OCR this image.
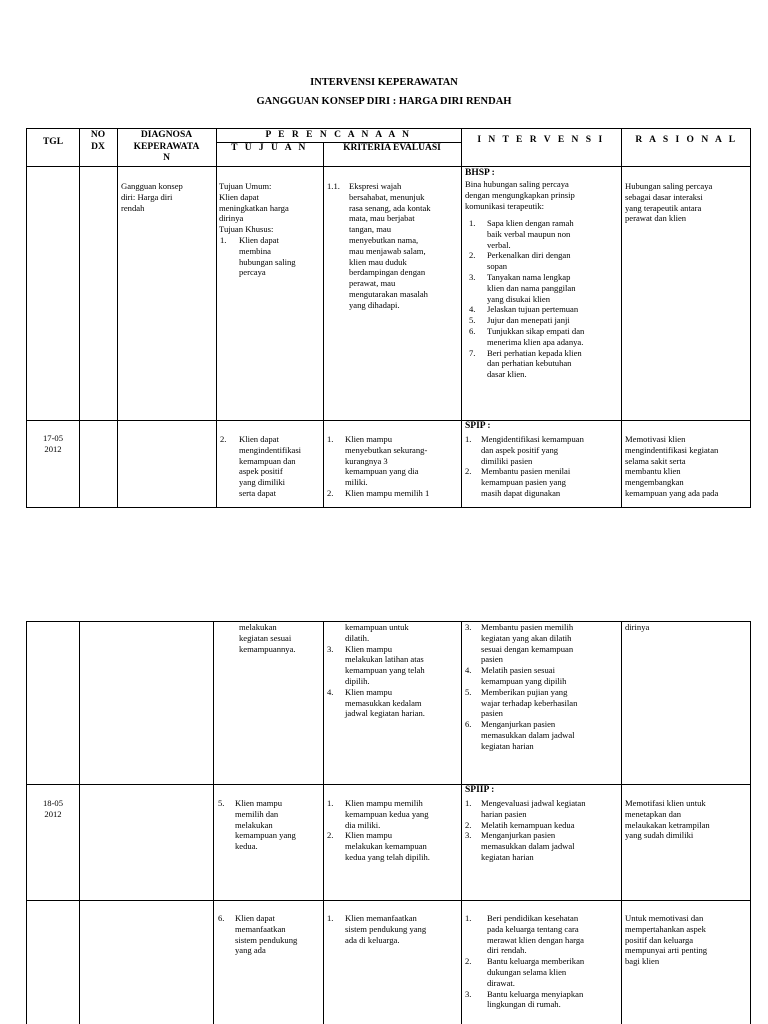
INTERVENSI KEPERAWATAN
GANGGUAN KONSEP DIRI : HARGA DIRI RENDAH
TGL
NO
DX
DIAGNOSA
KEPERAWATA
N
P E R E N C A N A A N
T U J U A N	KRITERIA EVALUASI
I N T E R V E N S I	R A S I O N A L
Gangguan konsep
diri: Harga diri
rendah
Tujuan Umum:
Klien dapat
meningkatkan harga
dirinya
Tujuan Khusus:
1. Klien dapat
membina
hubungan saling
percaya
1.1. Ekspresi wajah
bersahabat, menunjuk
rasa senang, ada kontak
mata, mau berjabat
tangan, mau
menyebutkan nama,
mau menjawab salam,
klien mau duduk
berdampingan dengan
perawat, mau
mengutarakan masalah
yang dihadapi.
BHSP :
Bina hubungan saling percaya
dengan mengungkapkan prinsip
komunikasi terapeutik:
1. Sapa klien dengan ramah
baik verbal maupun non
verbal.
2. Perkenalkan diri dengan
sopan
3. Tanyakan nama lengkap
klien dan nama panggilan
yang disukai klien
4. Jelaskan tujuan pertemuan
5. Jujur dan menepati janji
6. Tunjukkan sikap empati dan
menerima klien apa adanya.
7. Beri perhatian kepada klien
dan perhatian kebutuhan
dasar klien.
Hubungan saling percaya
sebagai dasar interaksi
yang terapeutik antara
perawat dan klien
17-05
2012
2. Klien dapat
mengindentifikasi
kemampuan dan
aspek positif
yang dimiliki
serta dapat
1. Klien mampu
menyebutkan sekurang-
kurangnya 3
kemampuan yang dia
miliki.
2. Klien mampu memilih 1
SPIP :
1. Mengidentifikasi kemampuan
dan aspek positif yang
dimiliki pasien
2. Membantu pasien menilai
kemampuan pasien yang
masih dapat digunakan
Memotivasi klien
mengindentifikasi kegiatan
selama sakit serta
membantu klien
mengembangkan
kemampuan yang ada pada
melakukan
kegiatan sesuai
kemampuannya.
kemampuan untuk
dilatih.
3. Klien mampu
melakukan latihan atas
kemampuan yang telah
dipilih.
4. Klien mampu
memasukkan kedalam
jadwal kegiatan harian.
3. Membantu pasien memilih
kegiatan yang akan dilatih
sesuai dengan kemampuan
pasien
4. Melatih pasien sesuai
kemampuan yang dipilih
5. Memberikan pujian yang
wajar terhadap keberhasilan
pasien
6. Menganjurkan pasien
memasukkan dalam jadwal
kegiatan harian
dirinya
18-05
2012
5. Klien mampu
memilih dan
melakukan
kemampuan yang
kedua.
1. Klien mampu memilih
kemampuan kedua yang
dia miliki.
2. Klien mampu
melakukan kemampuan
kedua yang telah dipilih.
SPIIP :
1. Mengevaluasi jadwal kegiatan
harian pasien
2. Melatih kemampuan kedua
3. Menganjurkan pasien
memasukkan dalam jadwal
kegiatan harian
Memotifasi klien untuk
menetapkan dan
melaukakan ketrampilan
yang sudah dimiliki
6. Klien dapat
memanfaatkan
sistem pendukung
yang ada
1. Klien memanfaatkan
sistem pendukung yang
ada di keluarga.
1. Beri pendidikan kesehatan
pada keluarga tentang cara
merawat klien dengan harga
diri rendah.
2. Bantu keluarga memberikan
dukungan selama klien
dirawat.
3. Bantu keluarga menyiapkan
lingkungan di rumah.
Untuk memotivasi dan
mempertahankan aspek
positif dan keluarga
mempunyai arti penting
bagi klien
